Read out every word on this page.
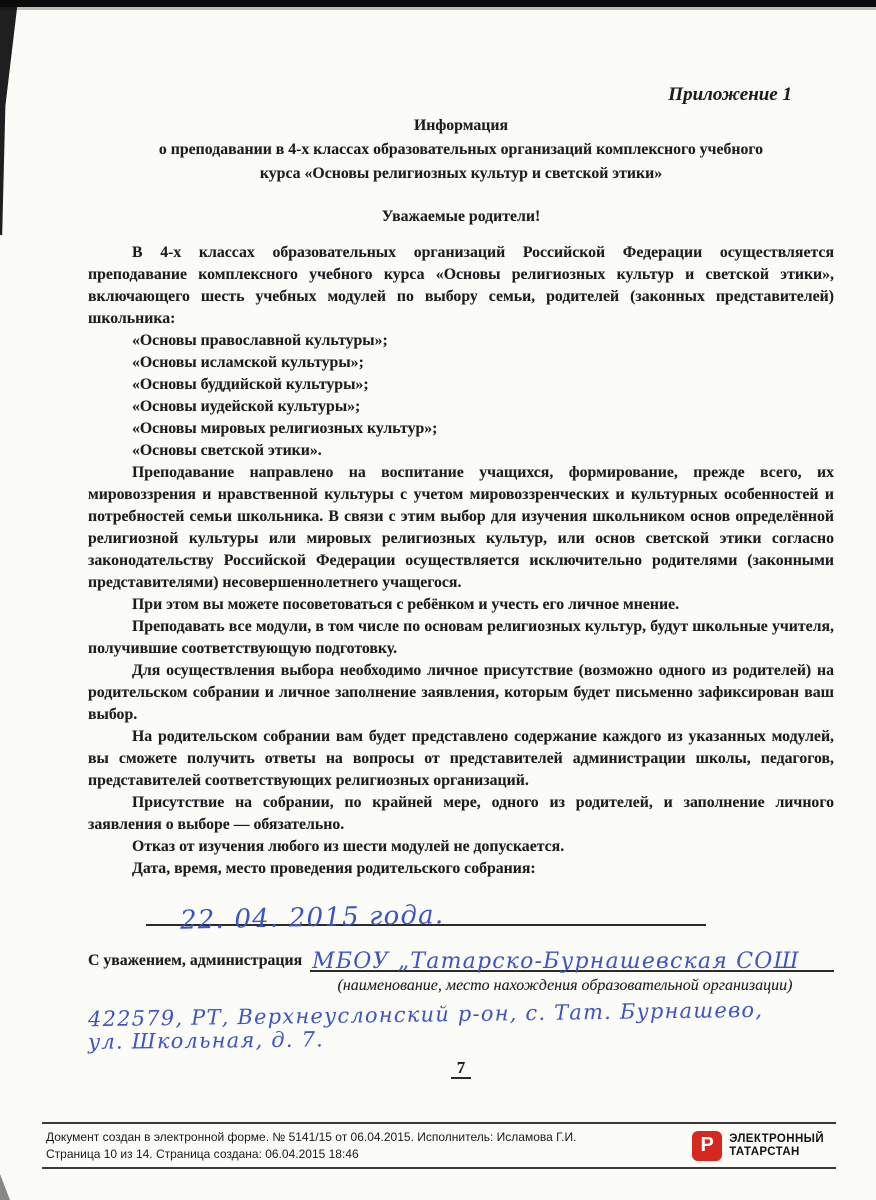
Приложение 1
Информация
о преподавании в 4-х классах образовательных организаций комплексного учебного
курса «Основы религиозных культур и светской этики»
Уважаемые родители!

В 4-х классах образовательных организаций Российской Федерации осуществляется преподавание комплексного учебного курса «Основы религиозных культур и светской этики», включающего шесть учебных модулей по выбору семьи, родителей (законных представителей) школьника:

«Основы православной культуры»;
«Основы исламской культуры»;
«Основы буддийской культуры»;
«Основы иудейской культуры»;
«Основы мировых религиозных культур»;
«Основы светской этики».

Преподавание направлено на воспитание учащихся, формирование, прежде всего, их мировоззрения и нравственной культуры с учетом мировоззренческих и культурных особенностей и потребностей семьи школьника. В связи с этим выбор для изучения школьником основ определённой религиозной культуры или мировых религиозных культур, или основ светской этики согласно законодательству Российской Федерации осуществляется исключительно родителями (законными представителями) несовершеннолетнего учащегося.

При этом вы можете посоветоваться с ребёнком и учесть его личное мнение.

Преподавать все модули, в том числе по основам религиозных культур, будут школьные учителя, получившие соответствующую подготовку.

Для осуществления выбора необходимо личное присутствие (возможно одного из родителей) на родительском собрании и личное заполнение заявления, которым будет письменно зафиксирован ваш выбор.

На родительском собрании вам будет представлено содержание каждого из указанных модулей, вы сможете получить ответы на вопросы от представителей администрации школы, педагогов, представителей соответствующих религиозных организаций.

Присутствие на собрании, по крайней мере, одного из родителей, и заполнение личного заявления о выборе — обязательно.

Отказ от изучения любого из шести модулей не допускается.

Дата, время, место проведения родительского собрания:

22. 04. 2015 года.
С уважением, администрация МБОУ „Татарско-Бурнашевская СОШ
(наименование, место нахождения образовательной организации)
422579, РТ, Верхнеуслонский р-он, с. Тат. Бурнашево,
ул. Школьная, д. 7.
7
Документ создан в электронной форме. № 5141/15 от 06.04.2015. Исполнитель: Исламова Г.И.
Страница 10 из 14. Страница создана: 06.04.2015 18:46	Р	ЭЛЕКТРОННЫЙ
ТАТАРСТАН
